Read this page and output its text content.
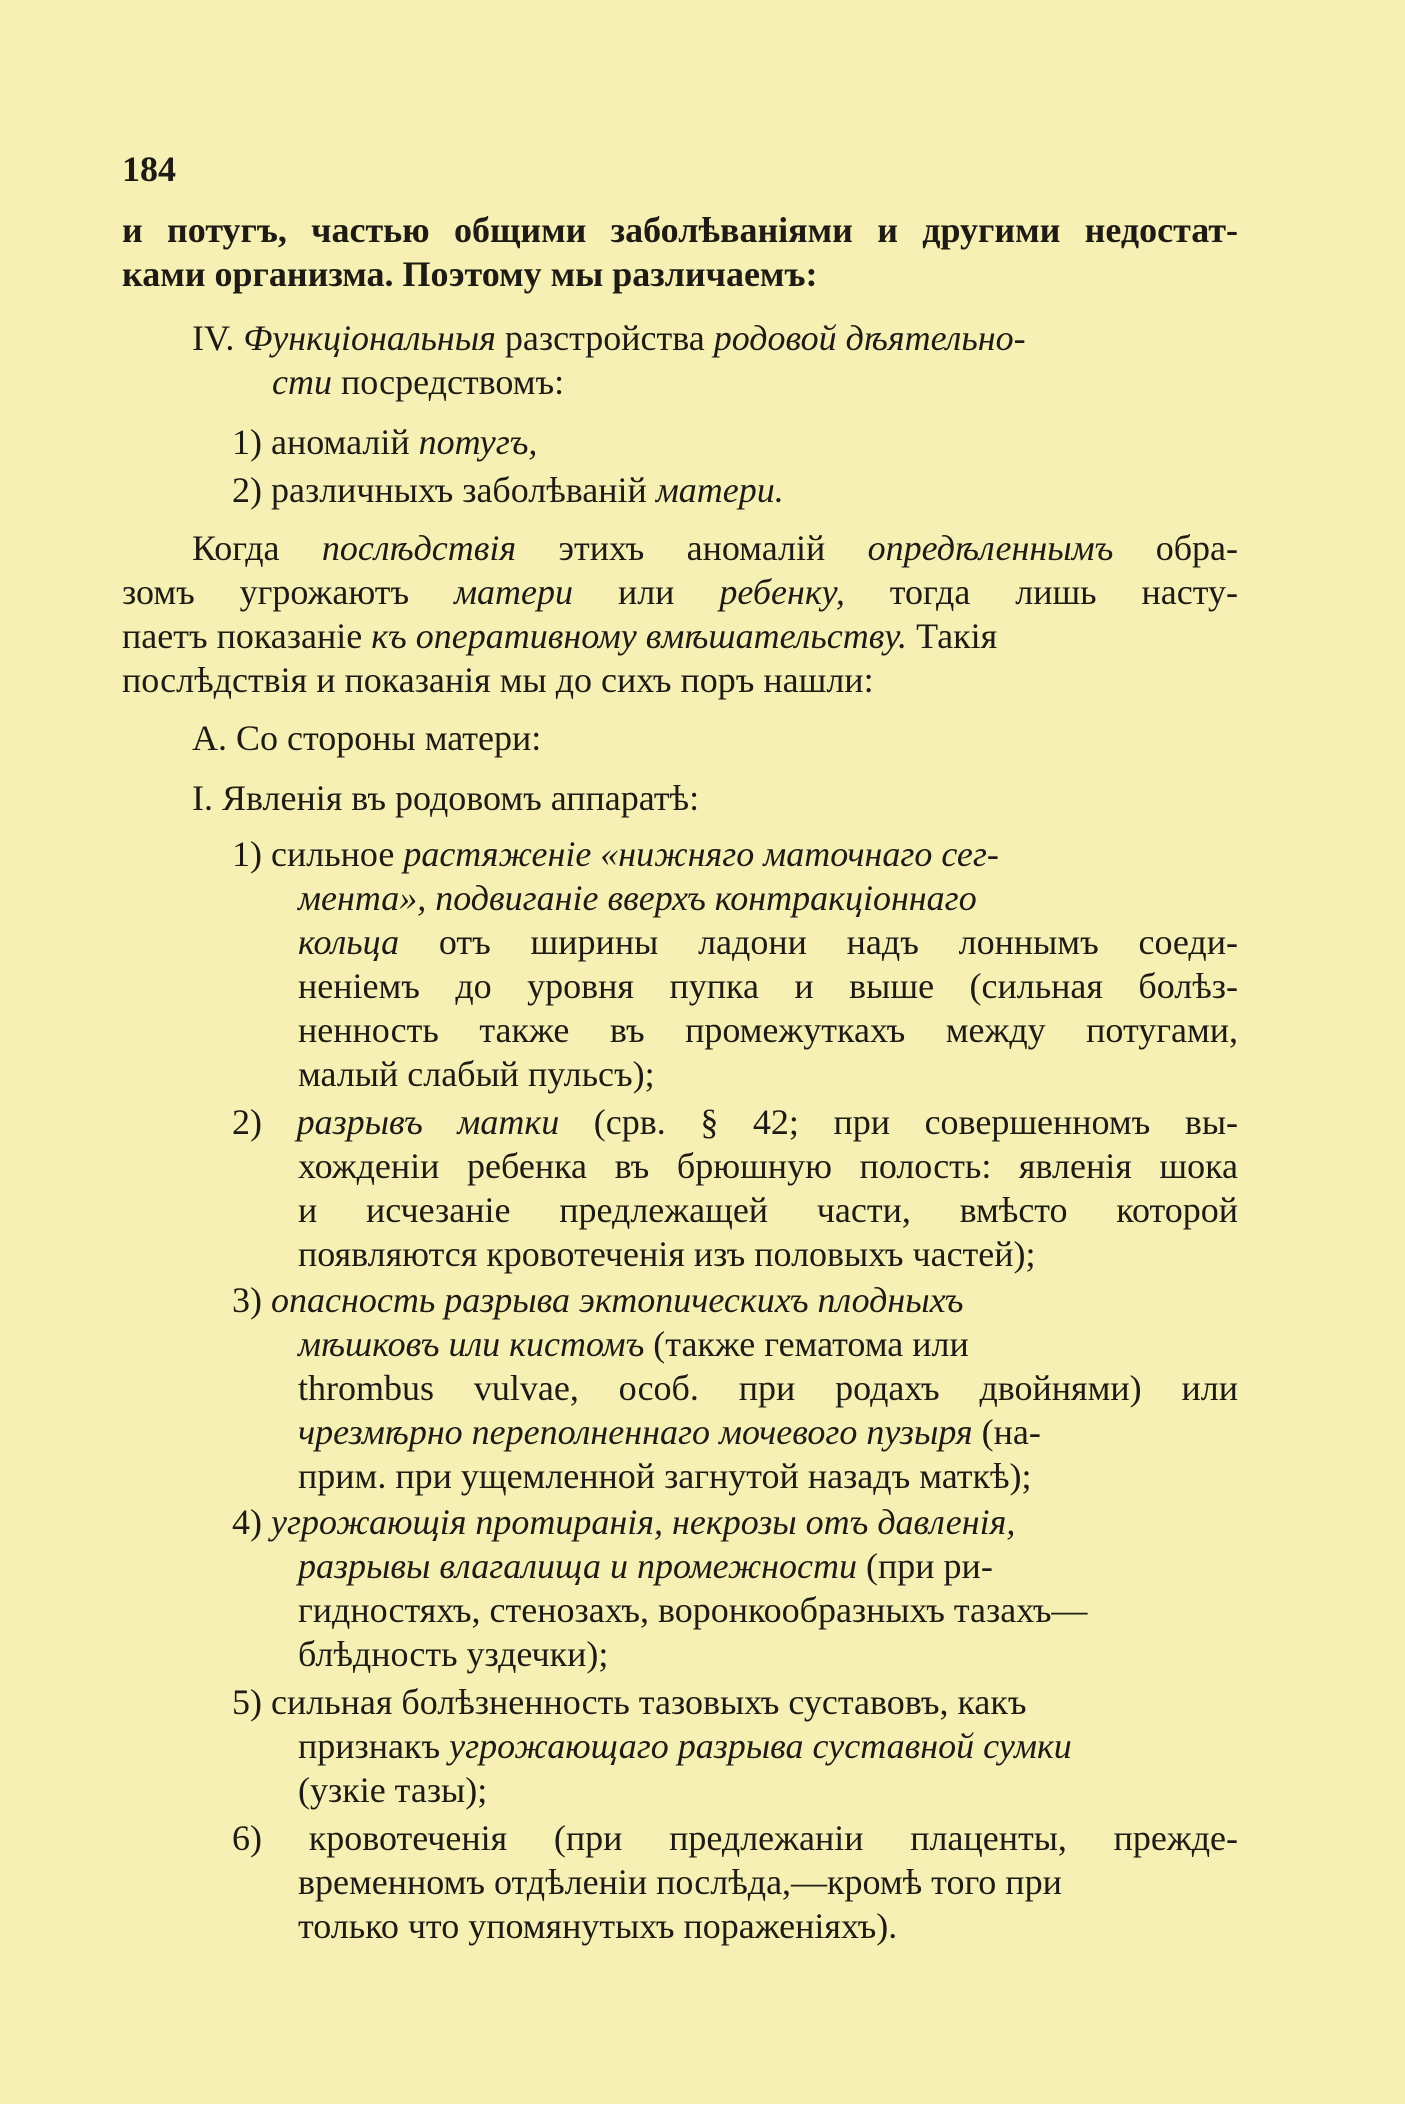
184
и потугъ, частью общими заболѣваніями и другими недостат-
ками организма. Поэтому мы различаемъ:
IV. Функціональныя разстройства родовой дѣятельно-
сти посредствомъ:
1) аномалій потугъ,
2) различныхъ заболѣваній матери.
Когда послѣдствія этихъ аномалій опредѣленнымъ обра-
зомъ угрожаютъ матери или ребенку, тогда лишь насту-
паетъ показаніе къ оперативному вмѣшательству. Такія
послѣдствія и показанія мы до сихъ поръ нашли:
А. Со стороны матери:
I. Явленія въ родовомъ аппаратѣ:
1) сильное растяженіе «нижняго маточнаго сег-
мента», подвиганіе вверхъ контракціоннаго
кольца отъ ширины ладони надъ лоннымъ соеди-
неніемъ до уровня пупка и выше (сильная болѣз-
ненность также въ промежуткахъ между потугами,
малый слабый пульсъ);
2) разрывъ матки (срв. § 42; при совершенномъ вы-
хожденіи ребенка въ брюшную полость: явленія шока
и исчезаніе предлежащей части, вмѣсто которой
появляются кровотеченія изъ половыхъ частей);
3) опасность разрыва эктопическихъ плодныхъ
мѣшковъ или кистомъ (также гематома или
thrombus vulvae, особ. при родахъ двойнями) или
чрезмѣрно переполненнаго мочевого пузыря (на-
прим. при ущемленной загнутой назадъ маткѣ);
4) угрожающія протиранія, некрозы отъ давленія,
разрывы влагалища и промежности (при ри-
гидностяхъ, стенозахъ, воронкообразныхъ тазахъ—
блѣдность уздечки);
5) сильная болѣзненность тазовыхъ суставовъ, какъ
признакъ угрожающаго разрыва суставной сумки
(узкіе тазы);
6) кровотеченія (при предлежаніи плаценты, прежде-
временномъ отдѣленіи послѣда,—кромѣ того при
только что упомянутыхъ пораженіяхъ).
